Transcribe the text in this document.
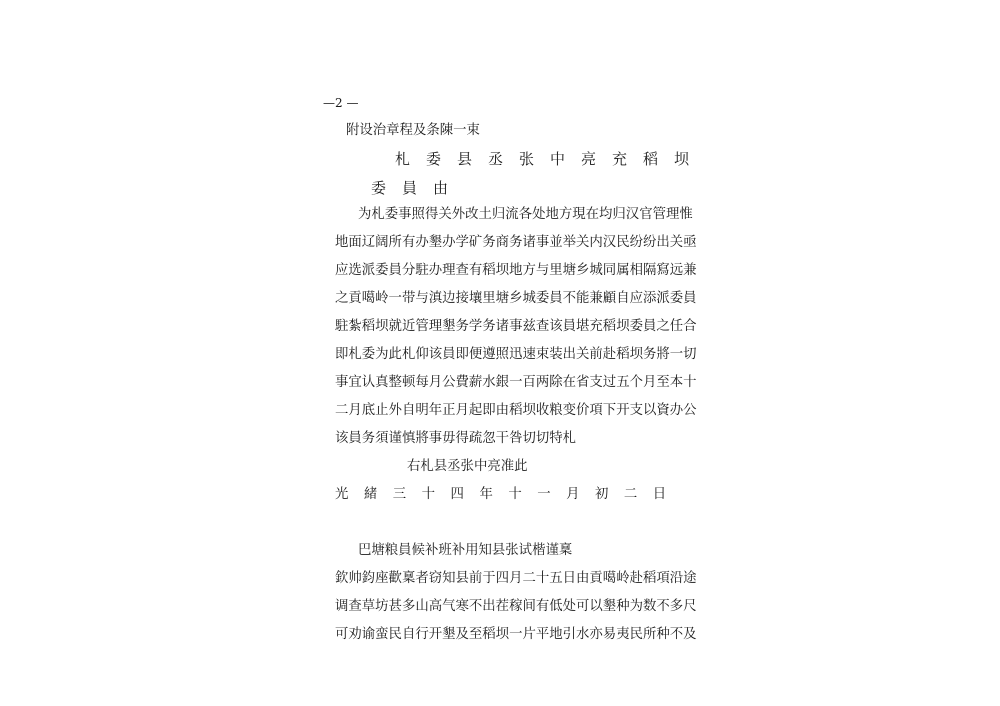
—2 —
附设治章程及条陳一束
札委县丞张中亮充稻坝
委員由
为札委事照得关外改土归流各处地方現在均归汉官管理惟
地面辽阔所有办墾办学矿务商务诸事並举关内汉民纷纷出关亟
应选派委員分駐办理查有稻坝地方与里塘乡城同属相隔寫远兼
之貢噶岭一带与滇边接壤里塘乡城委員不能兼顧自应添派委員
駐紮稻坝就近管理墾务学务诸事兹查该員堪充稻坝委員之任合
即札委为此札仰该員即便遵照迅速束装出关前赴稻坝务將一切
事宜认真整顿每月公費薪水銀一百两除在省支过五个月至本十
二月底止外自明年正月起即由稻坝收粮变价項下开支以資办公
该員务須谨慎將事毋得疏忽干咎切切特札
右札县丞张中亮准此
光緒三十四年十一月初二日
巴塘粮員候补班补用知县张试楷谨稟
欽帅鈞座歡稟者窃知县前于四月二十五日由貢噶岭赴稻項沿途
调查草坊甚多山高气寒不出茬稼间有低处可以墾种为数不多尺
可劝谕蛮民自行开墾及至稻坝一片平地引水亦易夷民所种不及
